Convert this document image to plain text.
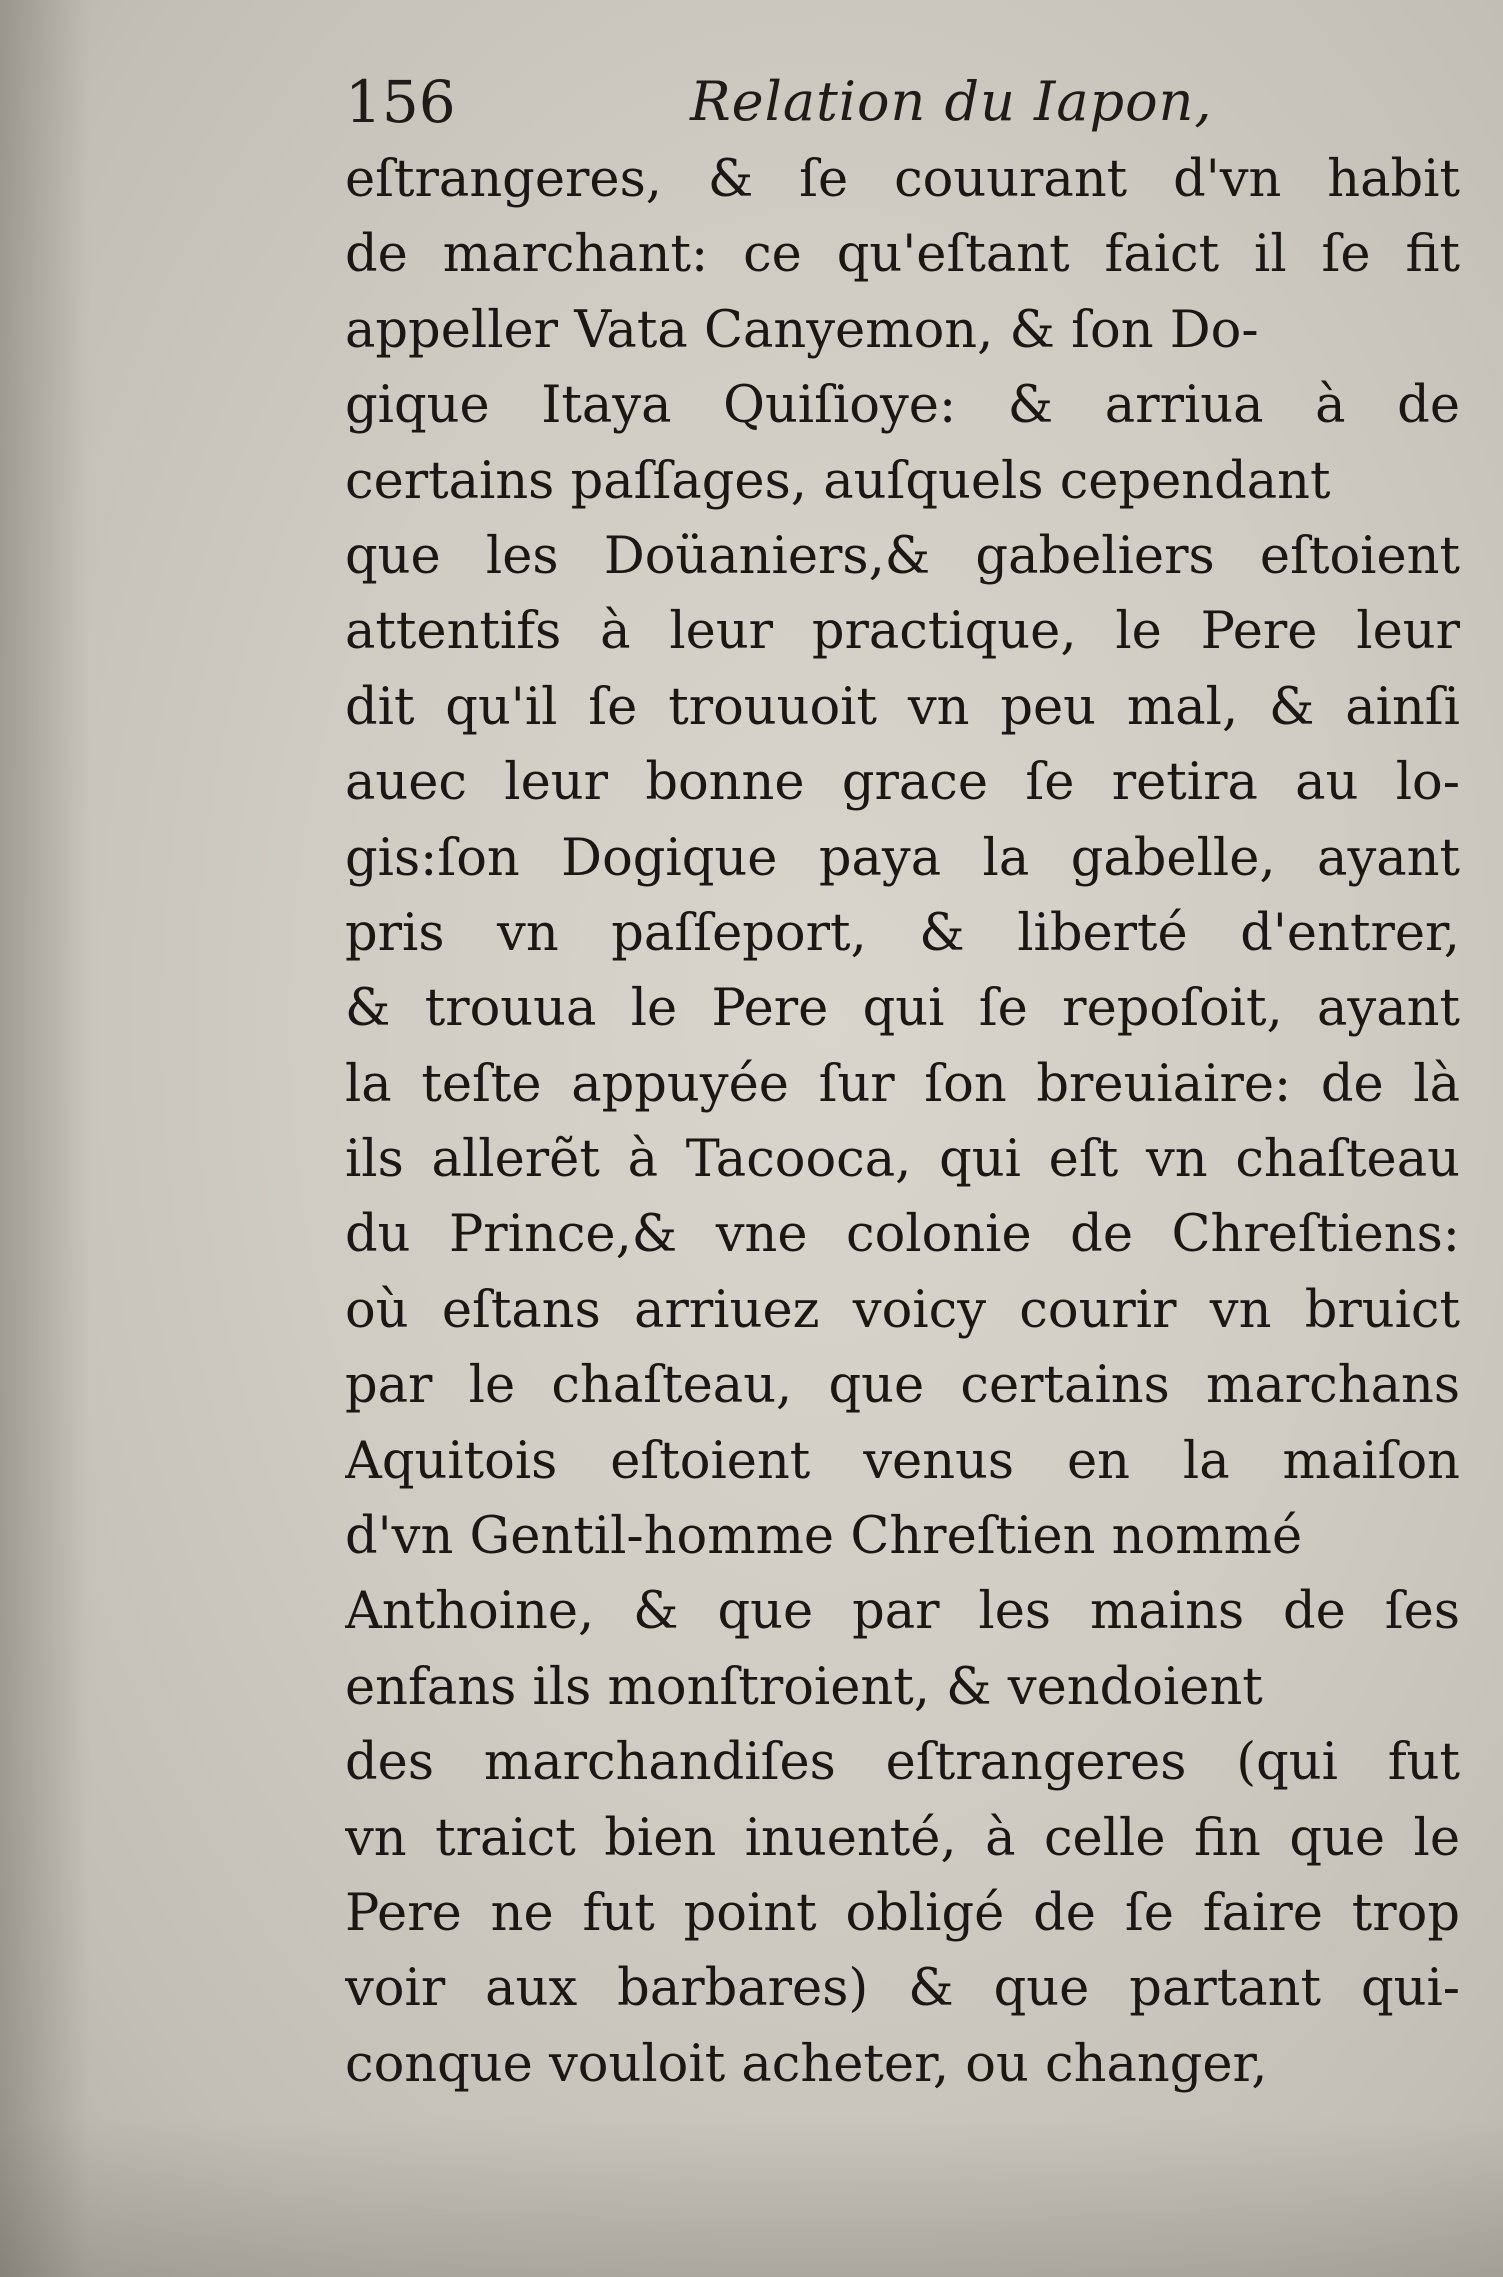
156	Relation du Iapon,
eſtrangeres, & ſe couurant d'vn habit
de marchant: ce qu'eſtant faict il ſe fit
appeller Vata Canyemon, & ſon Do-
gique Itaya Quiſioye: & arriua à de
certains paſſages, auſquels cependant
que les Doüaniers,& gabeliers eſtoient
attentifs à leur practique, le Pere leur
dit qu'il ſe trouuoit vn peu mal, & ainſi
auec leur bonne grace ſe retira au lo-
gis:ſon Dogique paya la gabelle, ayant
pris vn paſſeport, & liberté d'entrer,
& trouua le Pere qui ſe repoſoit, ayant
la teſte appuyée ſur ſon breuiaire: de là
ils allerẽt à Tacooca, qui eſt vn chaſteau
du Prince,& vne colonie de Chreſtiens:
où eſtans arriuez voicy courir vn bruict
par le chaſteau, que certains marchans
Aquitois eſtoient venus en la maiſon
d'vn Gentil-homme Chreſtien nommé
Anthoine, & que par les mains de ſes
enfans ils monſtroient, & vendoient
des marchandiſes eſtrangeres (qui fut
vn traict bien inuenté, à celle fin que le
Pere ne fut point obligé de ſe faire trop
voir aux barbares) & que partant qui-
conque vouloit acheter, ou changer,
